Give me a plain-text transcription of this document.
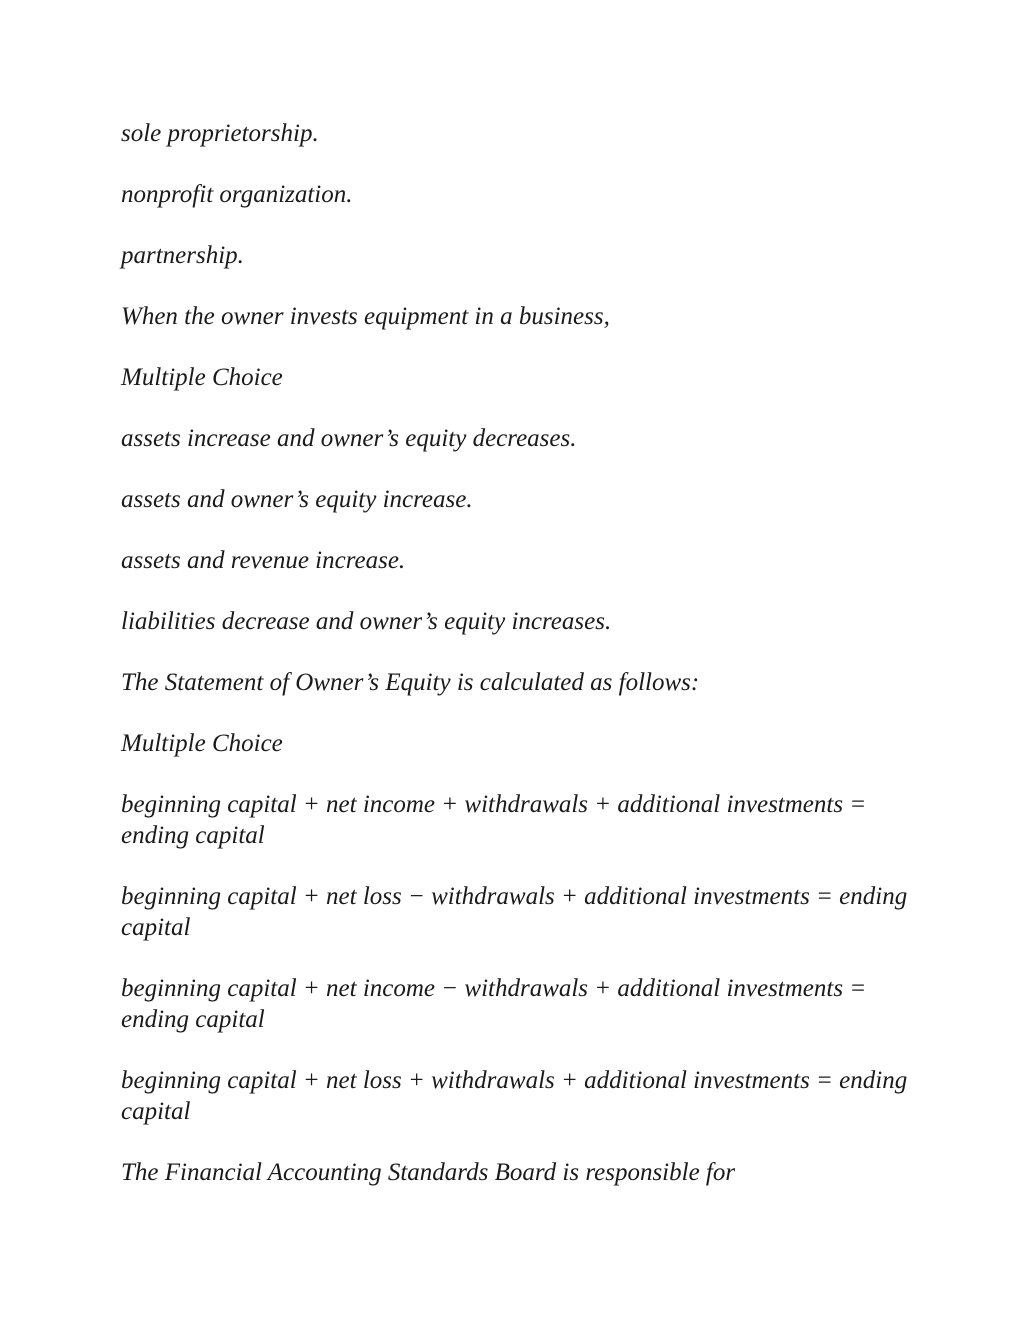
sole proprietorship.

nonprofit organization.

partnership.

When the owner invests equipment in a business,

Multiple Choice

assets increase and owner’s equity decreases.

assets and owner’s equity increase.

assets and revenue increase.

liabilities decrease and owner’s equity increases.

The Statement of Owner’s Equity is calculated as follows:

Multiple Choice

beginning capital + net income + withdrawals + additional investments = ending capital

beginning capital + net loss − withdrawals + additional investments = ending capital

beginning capital + net income − withdrawals + additional investments = ending capital

beginning capital + net loss + withdrawals + additional investments = ending capital

The Financial Accounting Standards Board is responsible for
